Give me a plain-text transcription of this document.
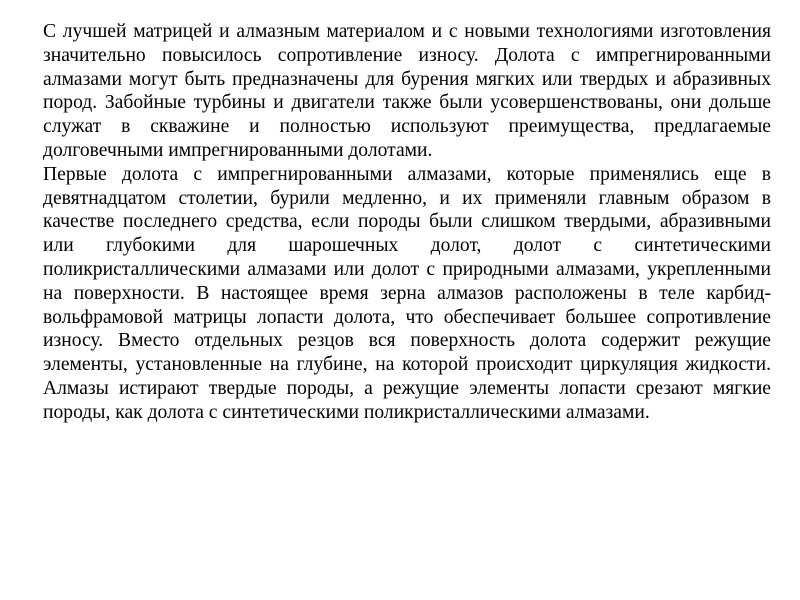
С лучшей матрицей и алмазным материалом и с новыми технологиями изготовления значительно повысилось сопротивление износу. Долота с импрегнированными алмазами могут быть предназначены для бурения мягких или твердых и абразивных пород. Забойные турбины и двигатели также были усовершенствованы, они дольше служат в скважине и полностью используют преимущества, предлагаемые долговечными импрегнированными долотами.

Первые долота с импрегнированными алмазами, которые применялись еще в девятнадцатом столетии, бурили медленно, и их применяли главным образом в качестве последнего средства, если породы были слишком твердыми, абразивными или глубокими для шарошечных долот, долот с синтетическими поликристаллическими алмазами или долот с природными алмазами, укрепленными на поверхности. В настоящее время зерна алмазов расположены в теле карбид-вольфрамовой матрицы лопасти долота, что обеспечивает большее сопротивление износу. Вместо отдельных резцов вся поверхность долота содержит режущие элементы, установленные на глубине, на которой происходит циркуляция жидкости. Алмазы истирают твердые породы, а режущие элементы лопасти срезают мягкие породы, как долота с синтетическими поликристаллическими алмазами.
